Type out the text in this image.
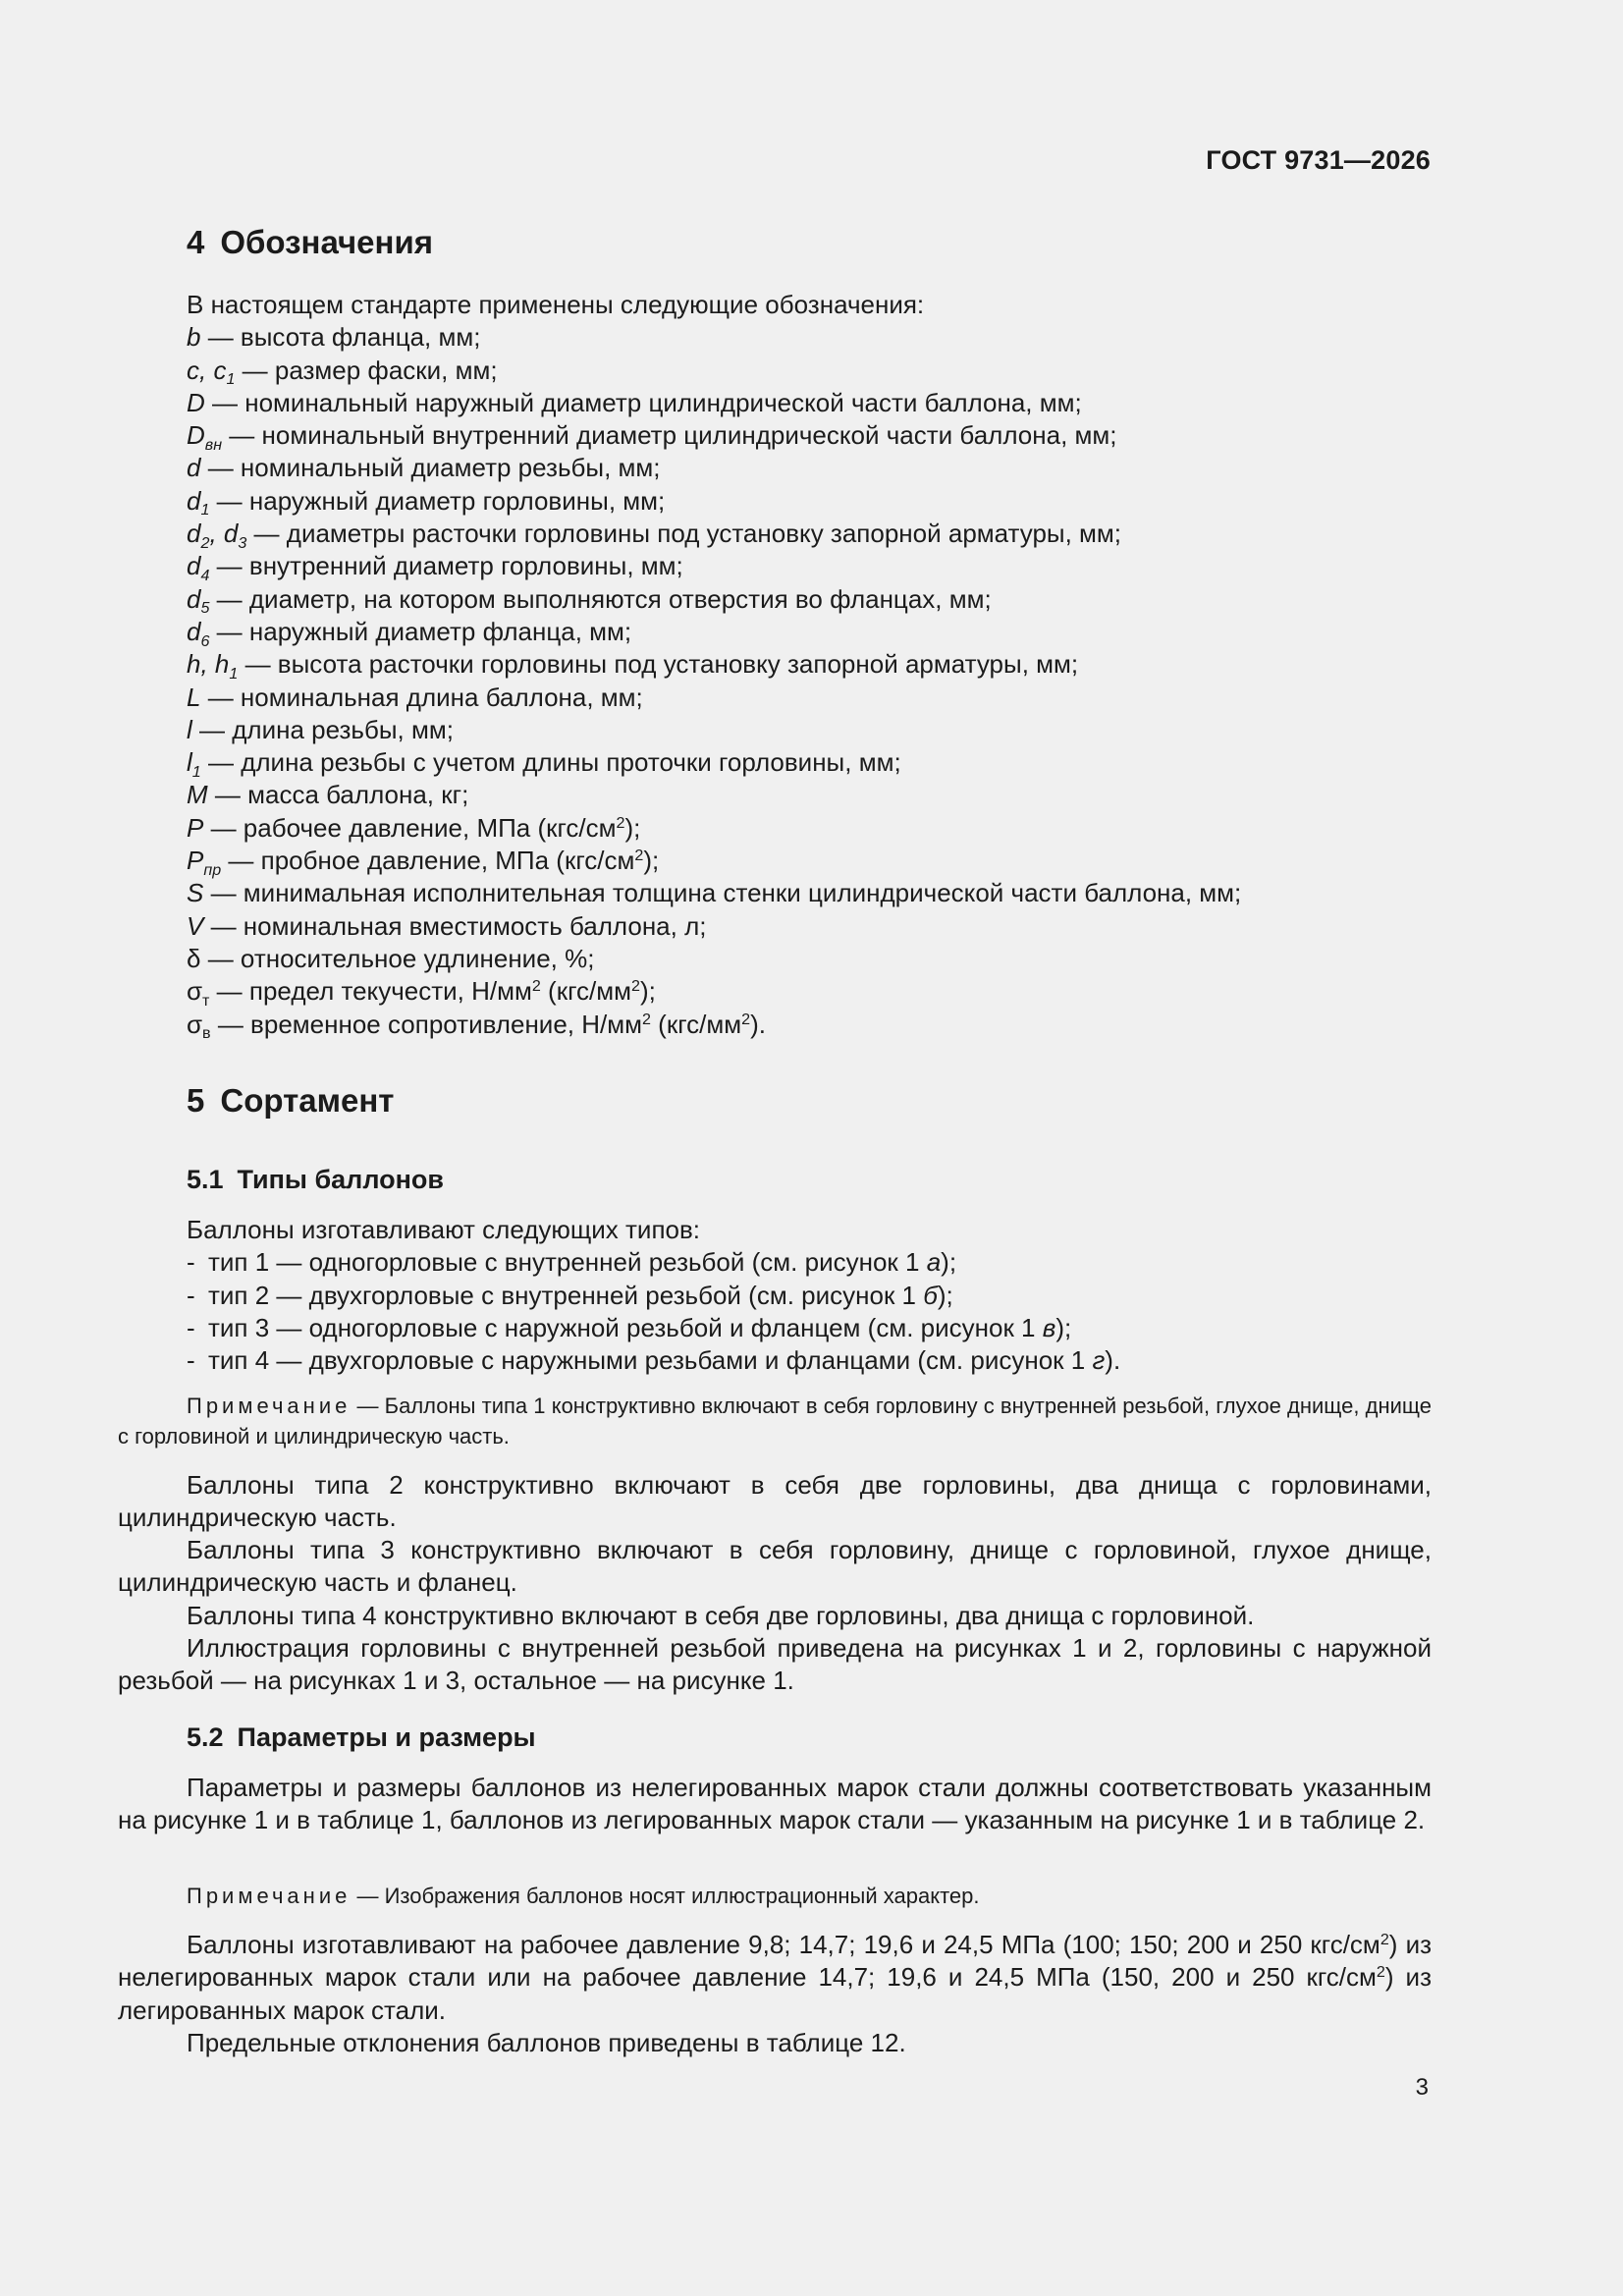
ГОСТ 9731—2026
4 Обозначения
В настоящем стандарте применены следующие обозначения:
b — высота фланца, мм;
c, $c_1$ — размер фаски, мм;
D — номинальный наружный диаметр цилиндрической части баллона, мм;
$D_{вн}$ — номинальный внутренний диаметр цилиндрической части баллона, мм;
d — номинальный диаметр резьбы, мм;
$d_1$ — наружный диаметр горловины, мм;
$d_2$, $d_3$ — диаметры расточки горловины под установку запорной арматуры, мм;
$d_4$ — внутренний диаметр горловины, мм;
$d_5$ — диаметр, на котором выполняются отверстия во фланцах, мм;
$d_6$ — наружный диаметр фланца, мм;
h, $h_1$ — высота расточки горловины под установку запорной арматуры, мм;
L — номинальная длина баллона, мм;
l — длина резьбы, мм;
$l_1$ — длина резьбы с учетом длины проточки горловины, мм;
M — масса баллона, кг;
P — рабочее давление, МПа $(кгс/см^2)$;
$P_{пр}$ — пробное давление, МПа $(кгс/см^2)$;
S — минимальная исполнительная толщина стенки цилиндрической части баллона, мм;
V — номинальная вместимость баллона, л;
δ — относительное удлинение, %;
$\sigma_т$ — предел текучести, $Н/мм^2$ $(кгс/мм^2)$;
$\sigma_в$ — временное сопротивление, $Н/мм^2$ $(кгс/мм^2)$.
5 Сортамент
5.1 Типы баллонов
Баллоны изготавливают следующих типов:
- тип 1 — одногорловые с внутренней резьбой (см. рисунок 1 а);
- тип 2 — двухгорловые с внутренней резьбой (см. рисунок 1 б);
- тип 3 — одногорловые с наружной резьбой и фланцем (см. рисунок 1 в);
- тип 4 — двухгорловые с наружными резьбами и фланцами (см. рисунок 1 г).

Примечание — Баллоны типа 1 конструктивно включают в себя горловину с внутренней резьбой, глухое днище, днище с горловиной и цилиндрическую часть.

Баллоны типа 2 конструктивно включают в себя две горловины, два днища с горловинами, цилиндрическую часть.

Баллоны типа 3 конструктивно включают в себя горловину, днище с горловиной, глухое днище, цилиндрическую часть и фланец.

Баллоны типа 4 конструктивно включают в себя две горловины, два днища с горловиной.

Иллюстрация горловины с внутренней резьбой приведена на рисунках 1 и 2, горловины с наружной резьбой — на рисунках 1 и 3, остальное — на рисунке 1.

5.2 Параметры и размеры

Параметры и размеры баллонов из нелегированных марок стали должны соответствовать указанным на рисунке 1 и в таблице 1, баллонов из легированных марок стали — указанным на рисунке 1 и в таблице 2.

Примечание — Изображения баллонов носят иллюстрационный характер.

Баллоны изготавливают на рабочее давление 9,8; 14,7; 19,6 и 24,5 МПа (100; 150; 200 и 250 кгс/$см^2$) из нелегированных марок стали или на рабочее давление 14,7; 19,6 и 24,5 МПа (150, 200 и 250 кгс/$см^2$) из легированных марок стали.

Предельные отклонения баллонов приведены в таблице 12.

3
